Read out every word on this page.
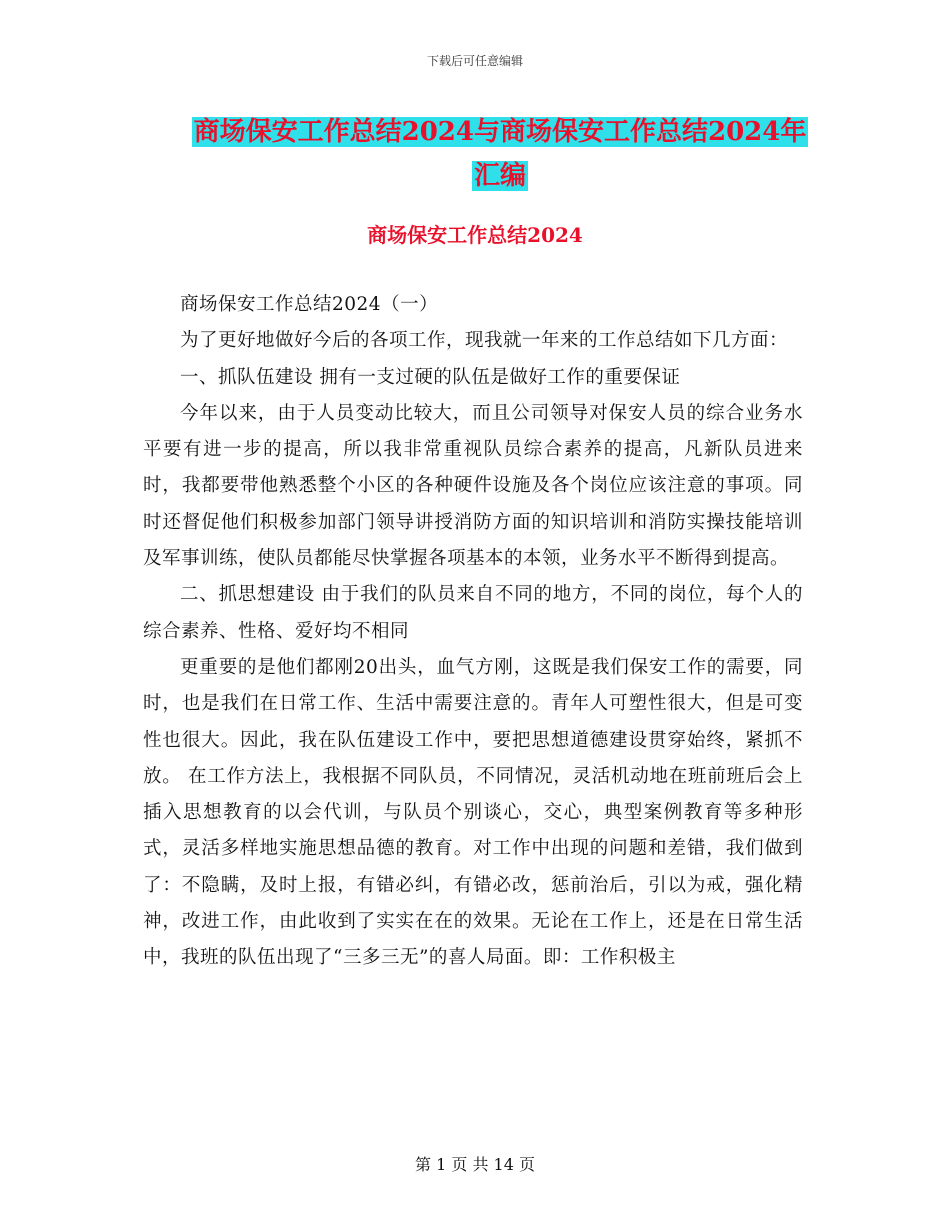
下载后可任意编辑
商场保安工作总结2024与商场保安工作总结2024年汇编
商场保安工作总结2024

商场保安工作总结2024（一）

为了更好地做好今后的各项工作，现我就一年来的工作总结如下几方面：

一、抓队伍建设 拥有一支过硬的队伍是做好工作的重要保证

今年以来，由于人员变动比较大，而且公司领导对保安人员的综合业务水平要有进一步的提高，所以我非常重视队员综合素养的提高，凡新队员进来时，我都要带他熟悉整个小区的各种硬件设施及各个岗位应该注意的事项。同时还督促他们积极参加部门领导讲授消防方面的知识培训和消防实操技能培训及军事训练，使队员都能尽快掌握各项基本的本领，业务水平不断得到提高。

二、抓思想建设 由于我们的队员来自不同的地方，不同的岗位，每个人的综合素养、性格、爱好均不相同

更重要的是他们都刚20出头，血气方刚，这既是我们保安工作的需要，同时，也是我们在日常工作、生活中需要注意的。青年人可塑性很大，但是可变性也很大。因此，我在队伍建设工作中，要把思想道德建设贯穿始终，紧抓不放。 在工作方法上，我根据不同队员，不同情况，灵活机动地在班前班后会上插入思想教育的以会代训，与队员个别谈心，交心，典型案例教育等多种形式，灵活多样地实施思想品德的教育。对工作中出现的问题和差错，我们做到了：不隐瞒，及时上报，有错必纠，有错必改，惩前治后，引以为戒，强化精神，改进工作，由此收到了实实在在的效果。无论在工作上，还是在日常生活中，我班的队伍出现了“三多三无”的喜人局面。即：工作积极主

第 1 页 共 14 页
